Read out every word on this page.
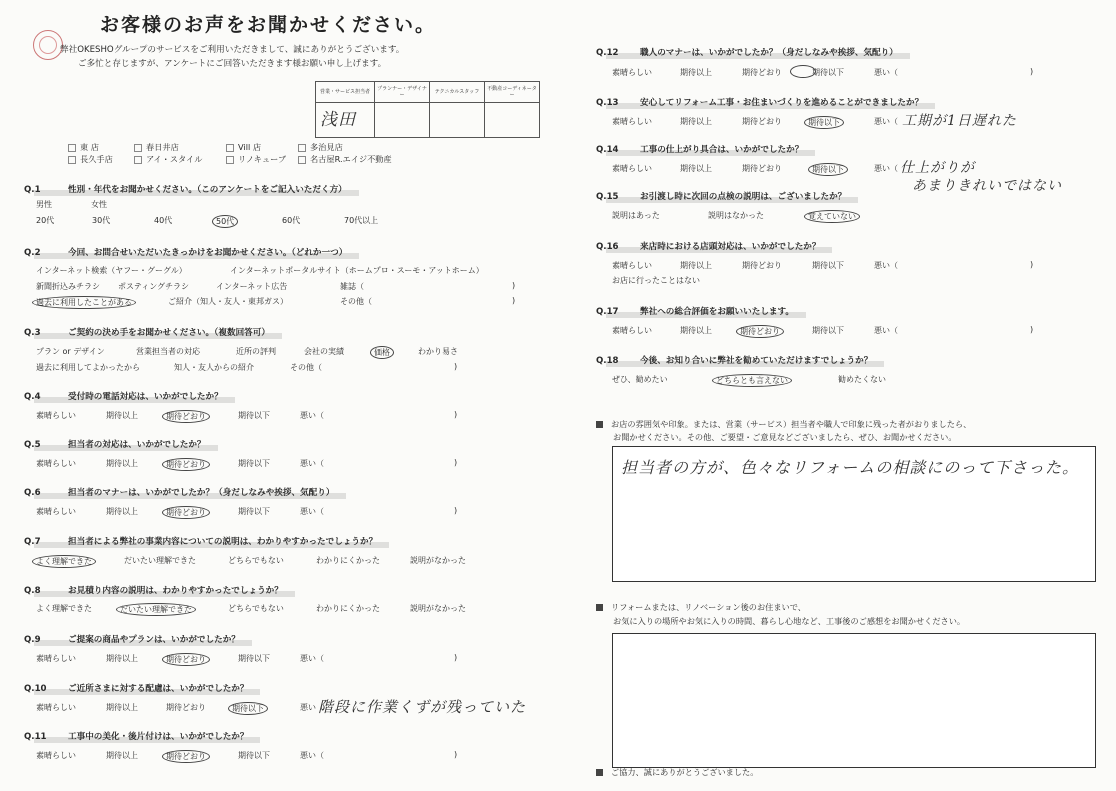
お客様のお声をお聞かせください。
弊社OKESHOグループのサービスをご利用いただきまして、誠にありがとうございます。
ご多忙と存じますが、アンケートにご回答いただきます様お願い申し上げます。
営業・サービス担当者	プランナー・デザイナー	テクニカルスタッフ	不動産コーディネーター
浅田			
東 店	春日井店	Vill 店	多治見店
長久手店	アイ・スタイル	リノキューブ	名古屋R.エイジ不動産
Q.1	性別・年代をお聞かせください。（このアンケートをご記入いただく方）
男性	女性
20代	30代	40代	50代	60代	70代以上
Q.2	今回、お問合せいただいたきっかけをお聞かせください。（どれか一つ）
インターネット検索（ヤフー・グーグル）	インターネットポータルサイト（ホームプロ・スーモ・アットホーム）
新聞折込みチラシ ポスティングチラシ	インターネット広告	雑誌（	)
過去に利用したことがある	ご紹介（知人・友人・東邦ガス）	その他（	)
Q.3	ご契約の決め手をお聞かせください。（複数回答可）
プラン or デザイン	営業担当者の対応	近所の評判	会社の実績	価格	わかり易さ
過去に利用してよかったから	知人・友人からの紹介	その他（	)
Q.4	受付時の電話対応は、いかがでしたか？
素晴らしい	期待以上	期待どおり	期待以下	悪い（	)
Q.5	担当者の対応は、いかがでしたか？
素晴らしい	期待以上	期待どおり	期待以下	悪い（	)
Q.6	担当者のマナーは、いかがでしたか？（身だしなみや挨拶、気配り）
素晴らしい	期待以上	期待どおり	期待以下	悪い（	)
Q.7	担当者による弊社の事業内容についての説明は、わかりやすかったでしょうか？
よく理解できた	だいたい理解できた	どちらでもない	わかりにくかった	説明がなかった
Q.8	お見積り内容の説明は、わかりやすかったでしょうか？
よく理解できた	だいたい理解できた	どちらでもない	わかりにくかった	説明がなかった
Q.9	ご提案の商品やプランは、いかがでしたか？
素晴らしい	期待以上	期待どおり	期待以下	悪い（	)
Q.10 ご近所さまに対する配慮は、いかがでしたか？
素晴らしい	期待以上	期待どおり	期待以下	悪い（
階段に作業くずが残っていた
Q.11 工事中の美化・後片付けは、いかがでしたか？
素晴らしい	期待以上	期待どおり	期待以下	悪い（	)
Q.12 職人のマナーは、いかがでしたか？（身だしなみや挨拶、気配り）
素晴らしい	期待以上	期待どおり	期待以下	悪い（	)
Q.13 安心してリフォーム工事・お住まいづくりを進めることができましたか？
素晴らしい	期待以上	期待どおり	期待以下	悪い（ 工期が1日遅れた
Q.14 工事の仕上がり具合は、いかがでしたか？
素晴らしい	期待以上	期待どおり	期待以下	悪い（ 仕上がりが
あまりきれいではない
Q.15 お引渡し時に次回の点検の説明は、ございましたか？
説明はあった	説明はなかった	覚えていない
Q.16 来店時における店頭対応は、いかがでしたか？
素晴らしい	期待以上	期待どおり	期待以下	悪い（	)
お店に行ったことはない
Q.17 弊社への総合評価をお願いいたします。
素晴らしい	期待以上	期待どおり	期待以下	悪い（	)
Q.18 今後、お知り合いに弊社を勧めていただけますでしょうか？
ぜひ、勧めたい	どちらとも言えない	勧めたくない
お店の雰囲気や印象。または、営業（サービス）担当者や職人で印象に残った者がおりましたら、
お聞かせください。その他、ご要望・ご意見などございましたら、ぜひ、お聞かせください。
担当者の方が、色々なリフォームの相談にのって下さった。
リフォームまたは、リノベーション後のお住まいで、
お気に入りの場所やお気に入りの時間、暮らし心地など、工事後のご感想をお聞かせください。
ご協力、誠にありがとうございました。
